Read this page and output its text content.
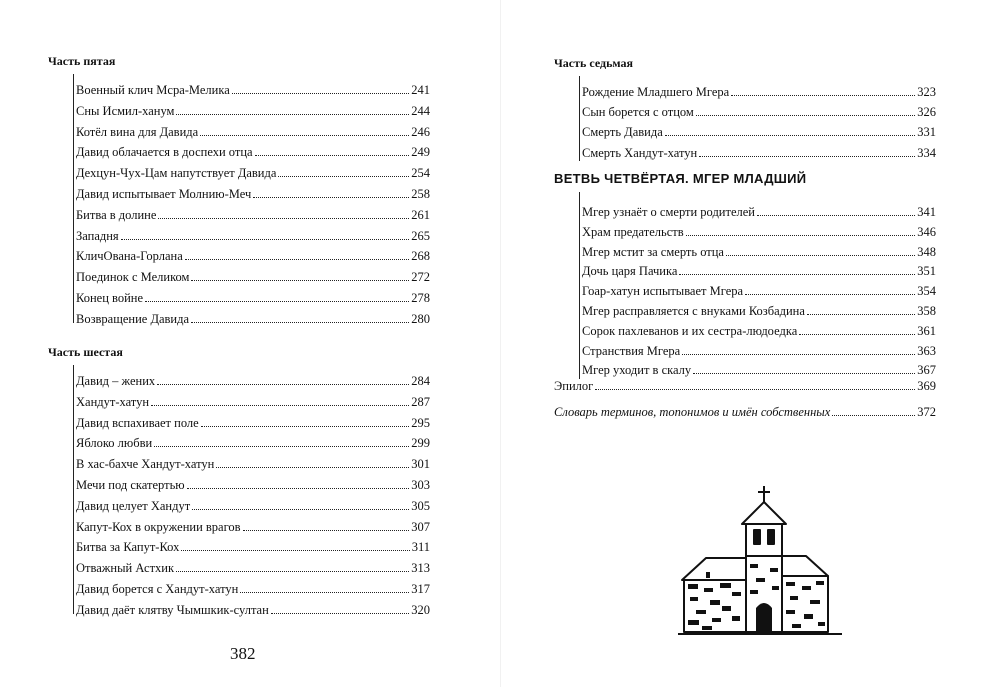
Часть пятая
Военный клич Мсра-Мелика	241
Сны Исмил-ханум	244
Котёл вина для Давида	246
Давид облачается в доспехи отца	249
Дехцун-Чух-Цам напутствует Давида	254
Давид испытывает Молнию-Меч	258
Битва в долине	261
Западня	265
КличОвана-Горлана	268
Поединок с Меликом	272
Конец войне	278
Возвращение Давида	280
Часть шестая
Давид – жених	284
Хандут-хатун	287
Давид вспахивает поле	295
Яблоко любви	299
В хас-бахче Хандут-хатун	301
Мечи под скатертью	303
Давид целует Хандут	305
Капут-Кох в окружении врагов	307
Битва за Капут-Кох	311
Отважный Астхик	313
Давид борется с Хандут-хатун	317
Давид даёт клятву Чымшкик-султан	320
382
Часть седьмая
Рождение Младшего Мгера	323
Сын борется с отцом	326
Смерть Давида	331
Смерть Хандут-хатун	334
ВЕТВЬ ЧЕТВЁРТАЯ. МГЕР МЛАДШИЙ
Мгер узнаёт о смерти родителей	341
Храм предательств	346
Мгер мстит за смерть отца	348
Дочь царя Пачика	351
Гоар-хатун испытывает Мгера	354
Мгер расправляется с внуками Козбадина	358
Сорок пахлеванов и их сестра-людоедка	361
Странствия Мгера	363
Мгер уходит в скалу	367
Эпилог	369
Словарь терминов, топонимов и имён собственных	372
